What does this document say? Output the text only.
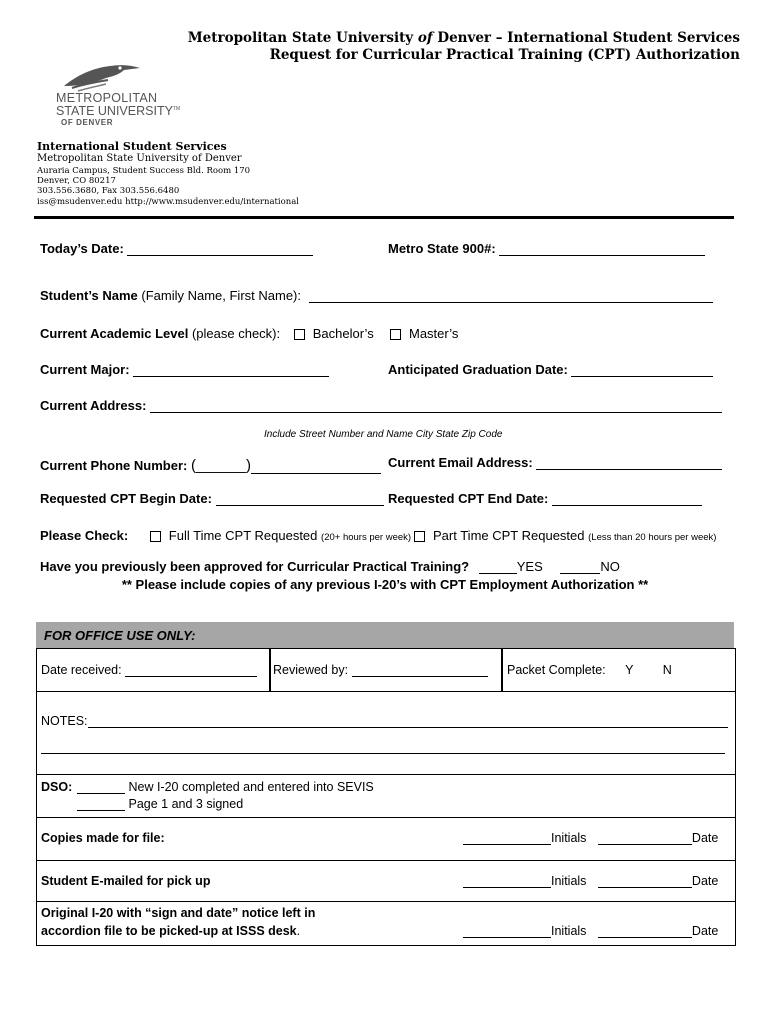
Metropolitan State University of Denver – International Student Services
Request for Curricular Practical Training (CPT) Authorization
METROPOLITAN
STATE UNIVERSITY™
OF DENVER
International Student Services
Metropolitan State University of Denver
Auraria Campus, Student Success Bld. Room 170
Denver, CO 80217
303.556.3680, Fax 303.556.6480
iss@msudenver.edu http://www.msudenver.edu/international
Today’s Date:	Metro State 900#:
Student’s Name (Family Name, First Name):
Current Academic Level (please check):	Bachelor’s	Master’s
Current Major:	Anticipated Graduation Date:
Current Address:
Include Street Number and Name City State Zip Code
Current Phone Number: (______)	Current Email Address:
Requested CPT Begin Date:	Requested CPT End Date:
Please Check:	Full Time CPT Requested (20+ hours per week)	Part Time CPT Requested (Less than 20 hours per week)
Have you previously been approved for Curricular Practical Training?	YES	NO
** Please include copies of any previous I-20’s with CPT Employment Authorization **
FOR OFFICE USE ONLY:
Date received:	Reviewed by:	Packet Complete: Y N
NOTES:
DSO:	New I-20 completed and entered into SEVIS
Page 1 and 3 signed
Copies made for file:	Initials	Date
Student E-mailed for pick up	Initials	Date
Original I-20 with “sign and date” notice left in
accordion file to be picked-up at ISSS desk.	Initials	Date
